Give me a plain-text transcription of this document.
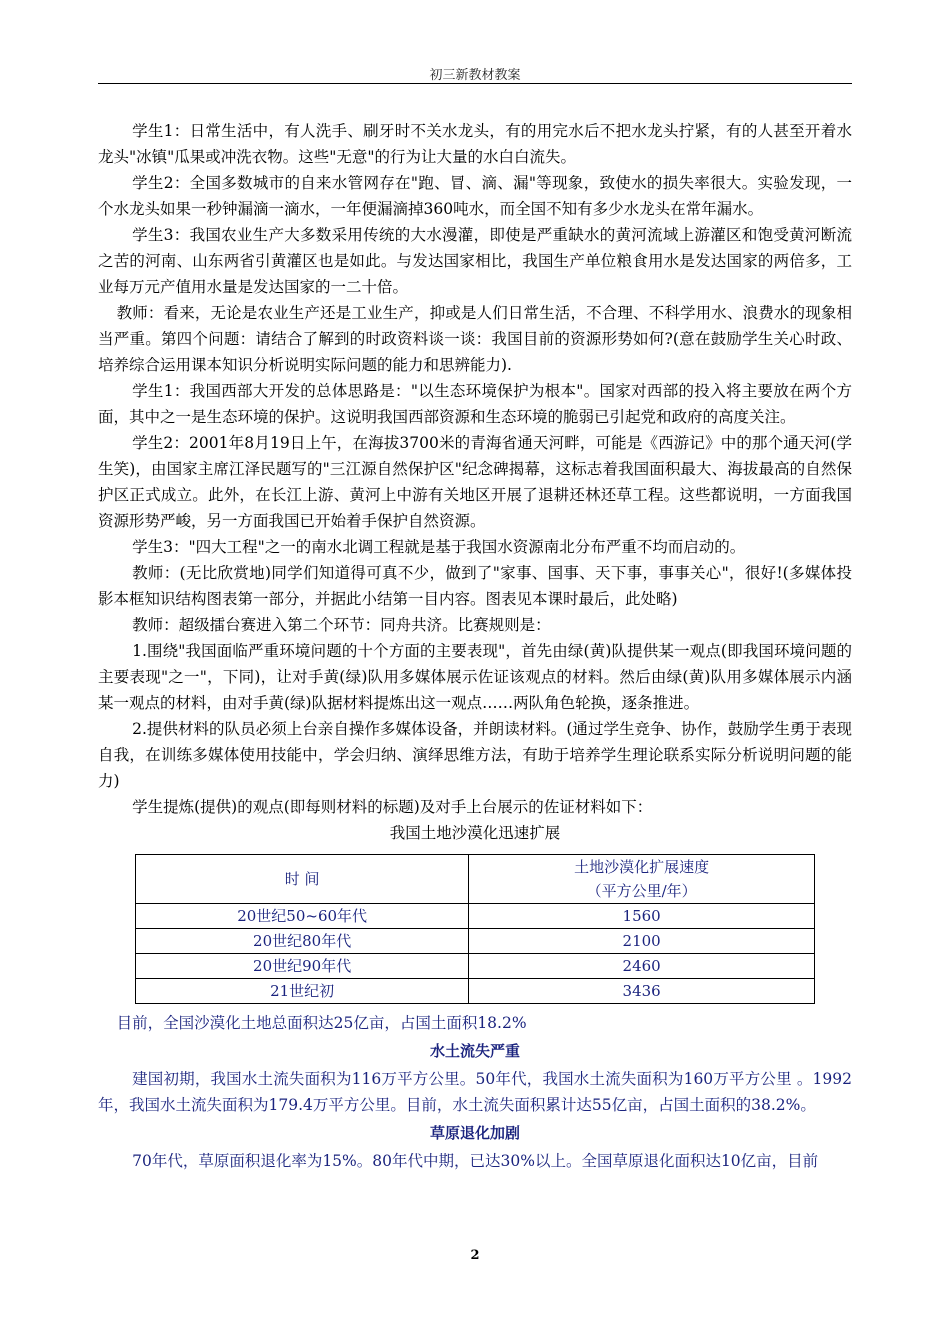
初三新教材教案

学生1：日常生活中，有人洗手、刷牙时不关水龙头，有的用完水后不把水龙头拧紧，有的人甚至开着水龙头"冰镇"瓜果或冲洗衣物。这些"无意"的行为让大量的水白白流失。

学生2：全国多数城市的自来水管网存在"跑、冒、滴、漏"等现象，致使水的损失率很大。实验发现，一个水龙头如果一秒钟漏滴一滴水，一年便漏滴掉360吨水，而全国不知有多少水龙头在常年漏水。

学生3：我国农业生产大多数采用传统的大水漫灌，即使是严重缺水的黄河流域上游灌区和饱受黄河断流之苦的河南、山东两省引黄灌区也是如此。与发达国家相比，我国生产单位粮食用水是发达国家的两倍多，工业每万元产值用水量是发达国家的一二十倍。

教师：看来，无论是农业生产还是工业生产，抑或是人们日常生活，不合理、不科学用水、浪费水的现象相当严重。第四个问题：请结合了解到的时政资料谈一谈：我国目前的资源形势如何?(意在鼓励学生关心时政、培养综合运用课本知识分析说明实际问题的能力和思辨能力).

学生1：我国西部大开发的总体思路是："以生态环境保护为根本"。国家对西部的投入将主要放在两个方面，其中之一是生态环境的保护。这说明我国西部资源和生态环境的脆弱已引起党和政府的高度关注。

学生2：2001年8月19日上午，在海拔3700米的青海省通天河畔，可能是《西游记》中的那个通天河(学生笑)，由国家主席江泽民题写的"三江源自然保护区"纪念碑揭幕，这标志着我国面积最大、海拔最高的自然保护区正式成立。此外，在长江上游、黄河上中游有关地区开展了退耕还林还草工程。这些都说明，一方面我国资源形势严峻，另一方面我国已开始着手保护自然资源。

学生3："四大工程"之一的南水北调工程就是基于我国水资源南北分布严重不均而启动的。

教师：(无比欣赏地)同学们知道得可真不少，做到了"家事、国事、天下事，事事关心"，很好!(多媒体投影本框知识结构图表第一部分，并据此小结第一目内容。图表见本课时最后，此处略)

教师：超级擂台赛进入第二个环节：同舟共济。比赛规则是：

1.围绕"我国面临严重环境问题的十个方面的主要表现"，首先由绿(黄)队提供某一观点(即我国环境问题的主要表现"之一"，下同)，让对手黄(绿)队用多媒体展示佐证该观点的材料。然后由绿(黄)队用多媒体展示内涵某一观点的材料，由对手黄(绿)队据材料提炼出这一观点……两队角色轮换，逐条推进。

2.提供材料的队员必须上台亲自操作多媒体设备，并朗读材料。(通过学生竞争、协作，鼓励学生勇于表现自我，在训练多媒体使用技能中，学会归纳、演绎思维方法，有助于培养学生理论联系实际分析说明问题的能力)

学生提炼(提供)的观点(即每则材料的标题)及对手上台展示的佐证材料如下：

我国土地沙漠化迅速扩展

时 间	土地沙漠化扩展速度
（平方公里/年）

20世纪50~60年代	1560
20世纪80年代	2100
20世纪90年代	2460
21世纪初	3436

目前，全国沙漠化土地总面积达25亿亩，占国土面积18.2%

水土流失严重

建国初期，我国水土流失面积为116万平方公里。50年代，我国水土流失面积为160万平方公里 。1992年，我国水土流失面积为179.4万平方公里。目前，水土流失面积累计达55亿亩，占国土面积的38.2%。

草原退化加剧

70年代，草原面积退化率为15%。80年代中期，已达30%以上。全国草原退化面积达10亿亩，目前

2
